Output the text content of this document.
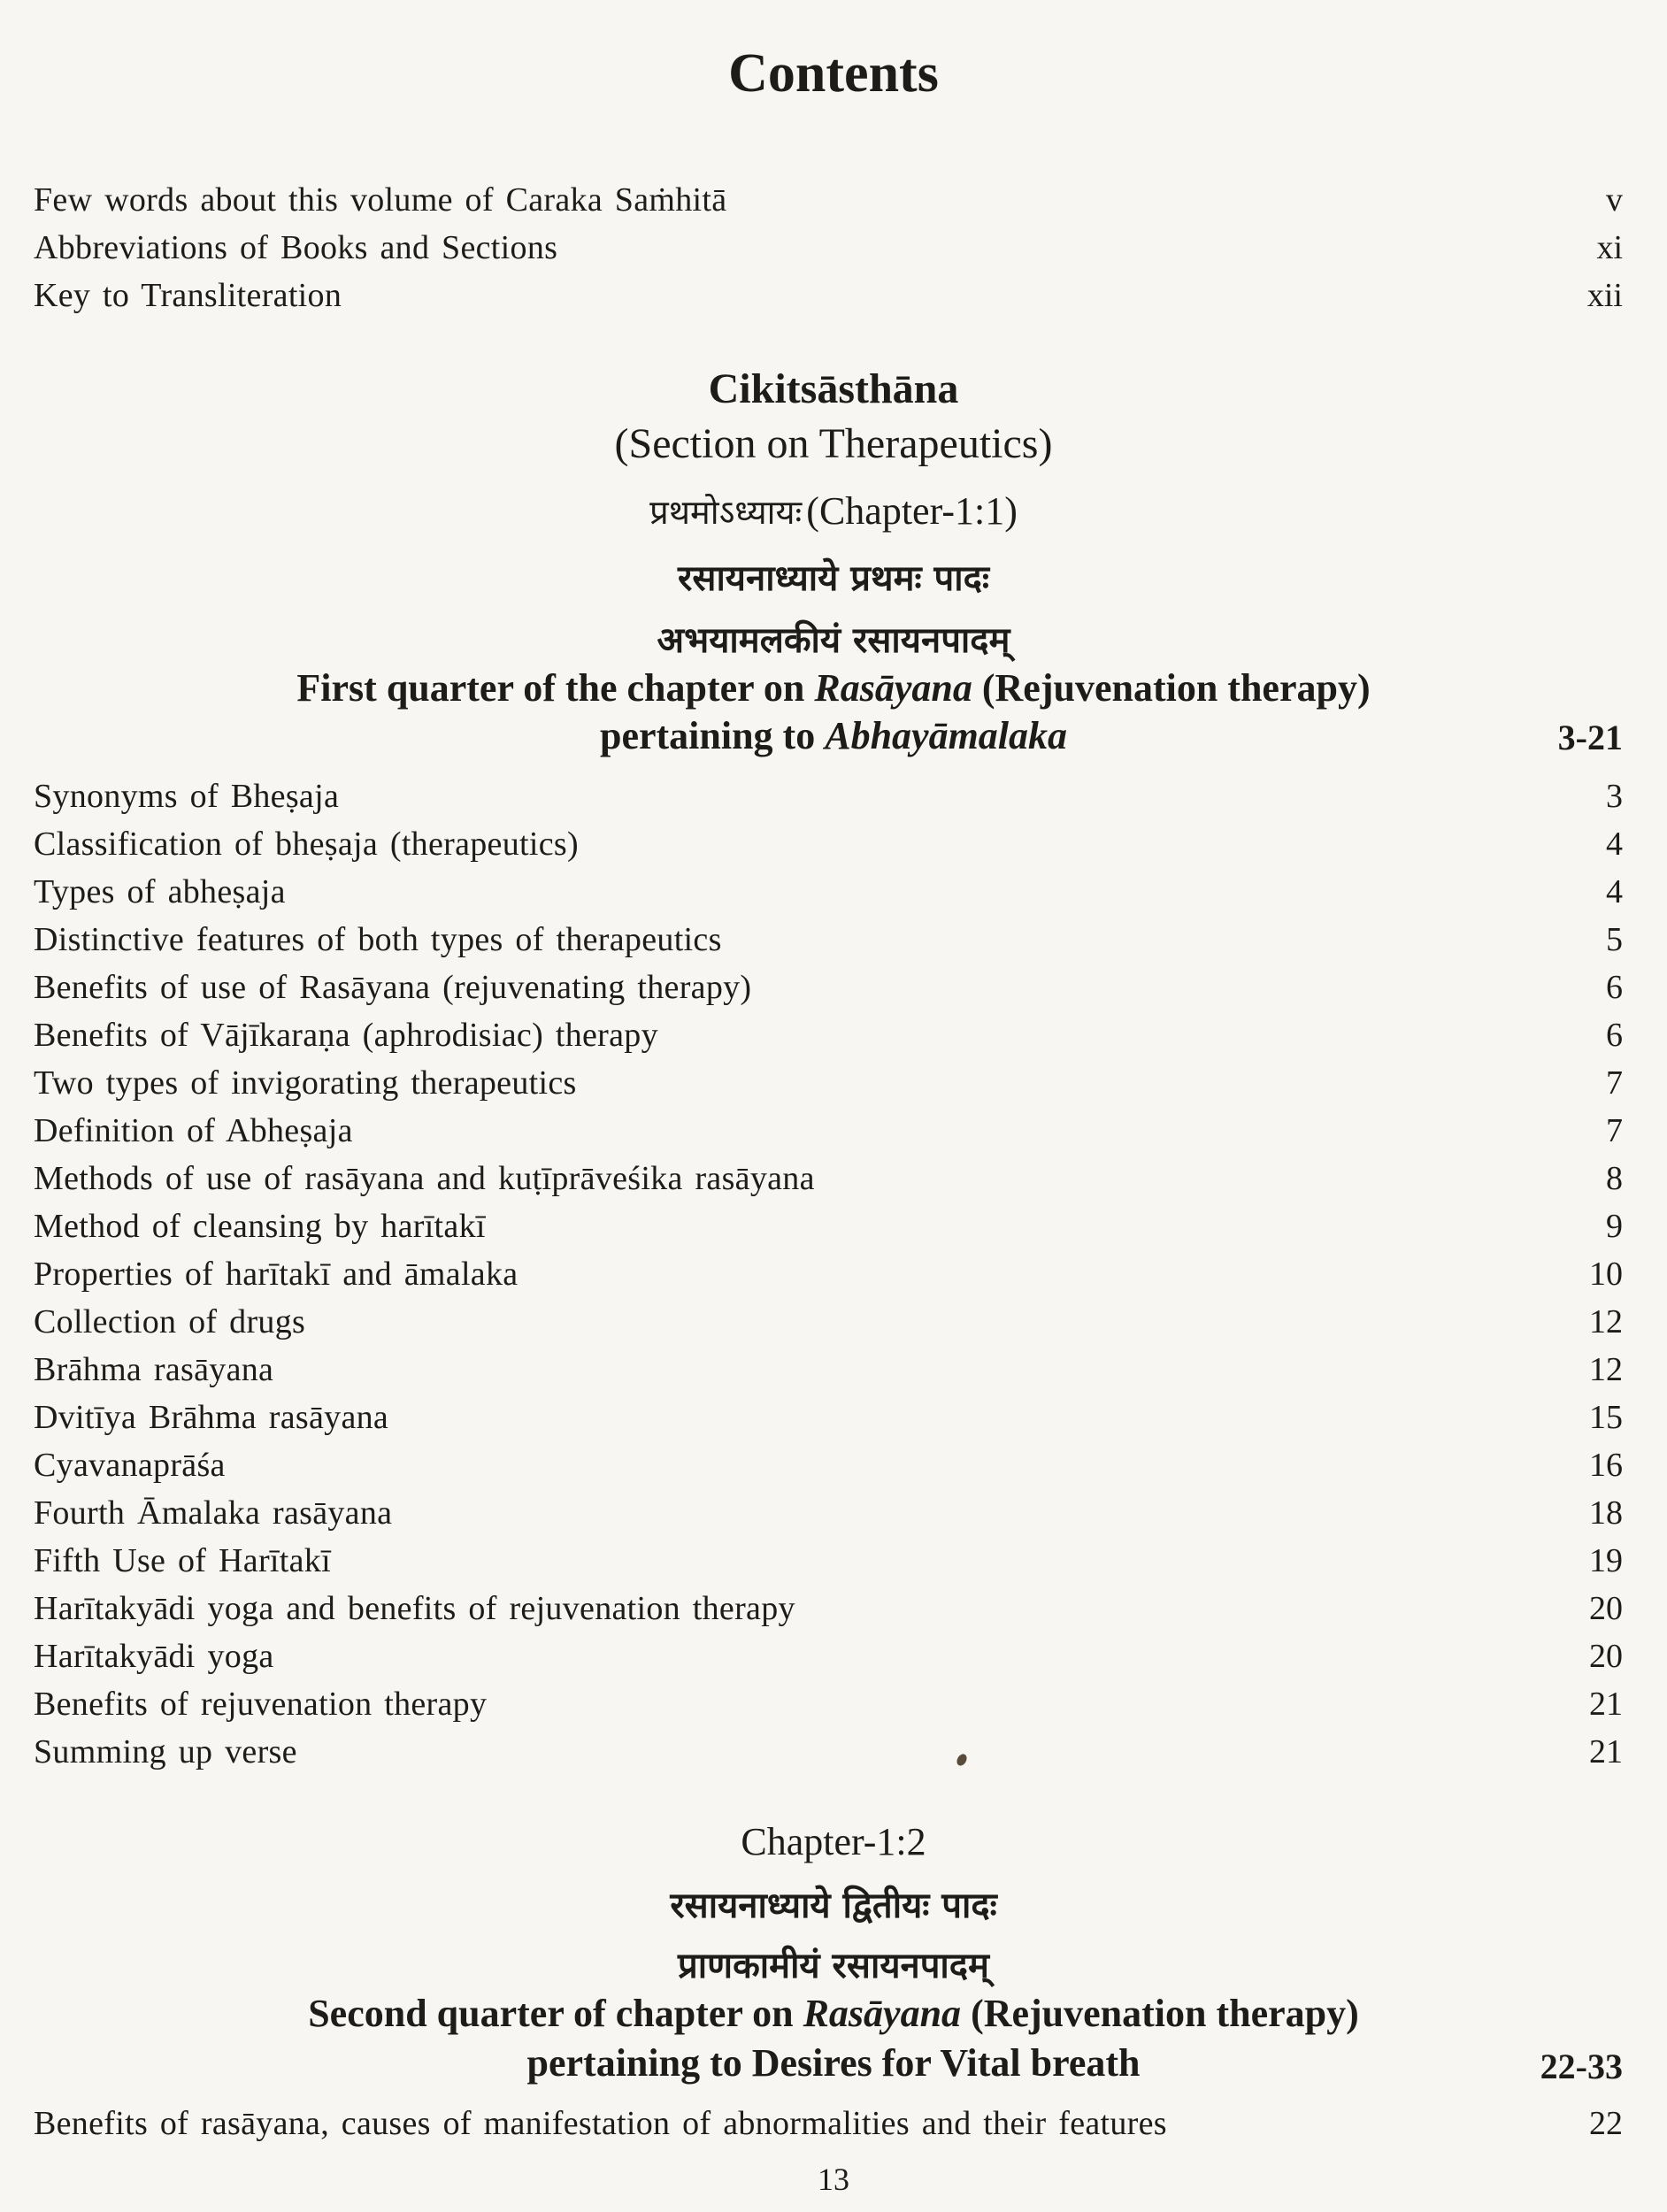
Contents
Few words about this volume of Caraka Saṁhitā	v
Abbreviations of Books and Sections	xi
Key to Transliteration	xii
Cikitsāsthāna
(Section on Therapeutics)
प्रथमोऽध्यायः (Chapter-1:1)
रसायनाध्याये प्रथमः पादः
अभयामलकीयं रसायनपादम्
First quarter of the chapter on Rasāyana (Rejuvenation therapy)
pertaining to Abhayāmalaka	3-21
Synonyms of Bheṣaja	3
Classification of bheṣaja (therapeutics)	4
Types of abheṣaja	4
Distinctive features of both types of therapeutics	5
Benefits of use of Rasāyana (rejuvenating therapy)	6
Benefits of Vājīkaraṇa (aphrodisiac) therapy	6
Two types of invigorating therapeutics	7
Definition of Abheṣaja	7
Methods of use of rasāyana and kuṭīprāveśika rasāyana	8
Method of cleansing by harītakī	9
Properties of harītakī and āmalaka	10
Collection of drugs	12
Brāhma rasāyana	12
Dvitīya Brāhma rasāyana	15
Cyavanaprāśa	16
Fourth Āmalaka rasāyana	18
Fifth Use of Harītakī	19
Harītakyādi yoga and benefits of rejuvenation therapy	20
Harītakyādi yoga	20
Benefits of rejuvenation therapy	21
Summing up verse	21
Chapter-1:2
रसायनाध्याये द्वितीयः पादः
प्राणकामीयं रसायनपादम्
Second quarter of chapter on Rasāyana (Rejuvenation therapy)
pertaining to Desires for Vital breath	22-33
Benefits of rasāyana, causes of manifestation of abnormalities and their features	22
13
